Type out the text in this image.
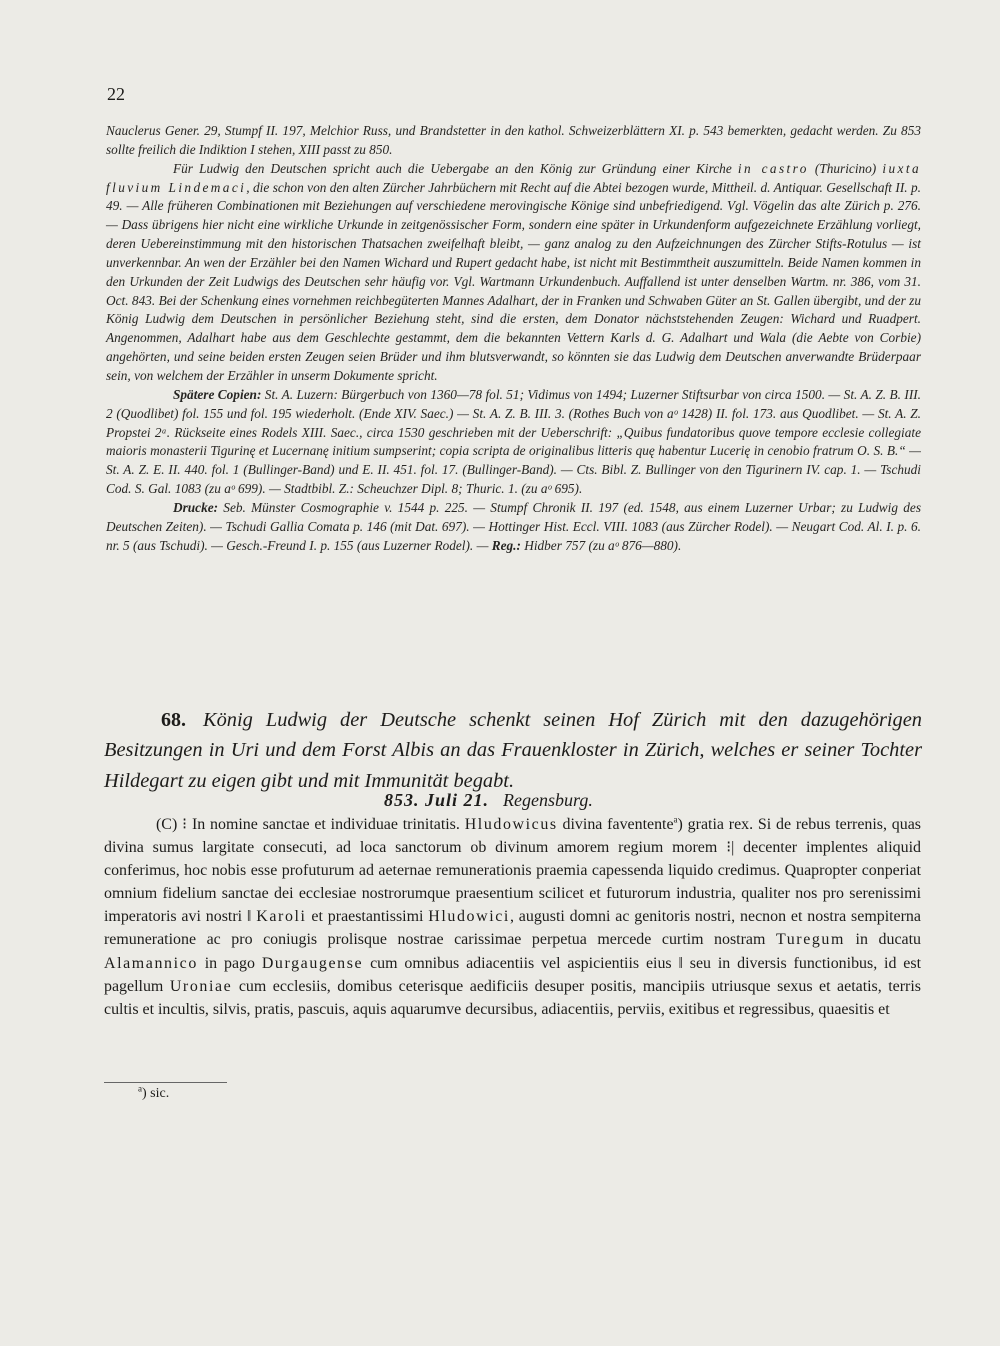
22

Nauclerus Gener. 29, Stumpf II. 197, Melchior Russ, und Brandstetter in den kathol. Schweizerblättern XI. p. 543 bemerkten, gedacht werden. Zu 853 sollte freilich die Indiktion I stehen, XIII passt zu 850.

Für Ludwig den Deutschen spricht auch die Uebergabe an den König zur Gründung einer Kirche in castro (Thuricino) iuxta fluvium Lindemaci, die schon von den alten Zürcher Jahrbüchern mit Recht auf die Abtei bezogen wurde, Mittheil. d. Antiquar. Gesellschaft II. p. 49. — Alle früheren Combinationen mit Beziehungen auf verschiedene merovingische Könige sind unbefriedigend. Vgl. Vögelin das alte Zürich p. 276. — Dass übrigens hier nicht eine wirkliche Urkunde in zeitgenössischer Form, sondern eine später in Urkundenform aufgezeichnete Erzählung vorliegt, deren Uebereinstimmung mit den historischen Thatsachen zweifelhaft bleibt, — ganz analog zu den Aufzeichnungen des Zürcher Stifts-Rotulus — ist unverkennbar. An wen der Erzähler bei den Namen Wichard und Rupert gedacht habe, ist nicht mit Bestimmtheit auszumitteln. Beide Namen kommen in den Urkunden der Zeit Ludwigs des Deutschen sehr häufig vor. Vgl. Wartmann Urkundenbuch. Auffallend ist unter denselben Wartm. nr. 386, vom 31. Oct. 843. Bei der Schenkung eines vornehmen reichbegüterten Mannes Adalhart, der in Franken und Schwaben Güter an St. Gallen übergibt, und der zu König Ludwig dem Deutschen in persönlicher Beziehung steht, sind die ersten, dem Donator nächststehenden Zeugen: Wichard und Ruadpert. Angenommen, Adalhart habe aus dem Geschlechte gestammt, dem die bekannten Vettern Karls d. G. Adalhart und Wala (die Aebte von Corbie) angehörten, und seine beiden ersten Zeugen seien Brüder und ihm blutsverwandt, so könnten sie das Ludwig dem Deutschen anverwandte Brüderpaar sein, von welchem der Erzähler in unserm Dokumente spricht.

Spätere Copien: St. A. Luzern: Bürgerbuch von 1360—78 fol. 51; Vidimus von 1494; Luzerner Stiftsurbar von circa 1500. — St. A. Z. B. III. 2 (Quodlibet) fol. 155 und fol. 195 wiederholt. (Ende XIV. Saec.) — St. A. Z. B. III. 3. (Rothes Buch von aᵒ 1428) II. fol. 173. aus Quodlibet. — St. A. Z. Propstei 2ᵃ. Rückseite eines Rodels XIII. Saec., circa 1530 geschrieben mit der Ueberschrift: „Quibus fundatoribus quove tempore ecclesie collegiate maioris monasterii Tigurinę et Lucernanę initium sumpserint; copia scripta de originalibus litteris quę habentur Lucerię in cenobio fratrum O. S. B.“ — St. A. Z. E. II. 440. fol. 1 (Bullinger-Band) und E. II. 451. fol. 17. (Bullinger-Band). — Cts. Bibl. Z. Bullinger von den Tigurinern IV. cap. 1. — Tschudi Cod. S. Gal. 1083 (zu aᵒ 699). — Stadtbibl. Z.: Scheuchzer Dipl. 8; Thuric. 1. (zu aᵒ 695).

Drucke: Seb. Münster Cosmographie v. 1544 p. 225. — Stumpf Chronik II. 197 (ed. 1548, aus einem Luzerner Urbar; zu Ludwig des Deutschen Zeiten). — Tschudi Gallia Comata p. 146 (mit Dat. 697). — Hottinger Hist. Eccl. VIII. 1083 (aus Zürcher Rodel). — Neugart Cod. Al. I. p. 6. nr. 5 (aus Tschudi). — Gesch.-Freund I. p. 155 (aus Luzerner Rodel). — Reg.: Hidber 757 (zu aᵒ 876—880).

68. König Ludwig der Deutsche schenkt seinen Hof Zürich mit den dazugehörigen Besitzungen in Uri und dem Forst Albis an das Frauenkloster in Zürich, welches er seiner Tochter Hildegart zu eigen gibt und mit Immunität begabt.
853. Juli 21. Regensburg.

(C) ⁝ In nomine sanctae et individuae trinitatis. Hludowicus divina faventente$^a$) gratia rex. Si de rebus terrenis, quas divina sumus largitate consecuti, ad loca sanctorum ob divinum amorem regium morem ⁝| decenter implentes aliquid conferimus, hoc nobis esse profuturum ad aeternae remunerationis praemia capessenda liquido credimus. Quapropter conperiat omnium fidelium sanctae dei ecclesiae nostrorumque praesentium scilicet et futurorum industria, qualiter nos pro serenissimi imperatoris avi nostri ‖ Karoli et praestantissimi Hludowici, augusti domni ac genitoris nostri, necnon et nostra sempiterna remuneratione ac pro coniugis prolisque nostrae carissimae perpetua mercede curtim nostram Turegum in ducatu Alamannico in pago Durgaugense cum omnibus adiacentiis vel aspicientiis eius ‖ seu in diversis functionibus, id est pagellum Uroniae cum ecclesiis, domibus ceterisque aedificiis desuper positis, mancipiis utriusque sexus et aetatis, terris cultis et incultis, silvis, pratis, pascuis, aquis aquarumve decursibus, adiacentiis, perviis, exitibus et regressibus, quaesitis et

$^a$) sic.
